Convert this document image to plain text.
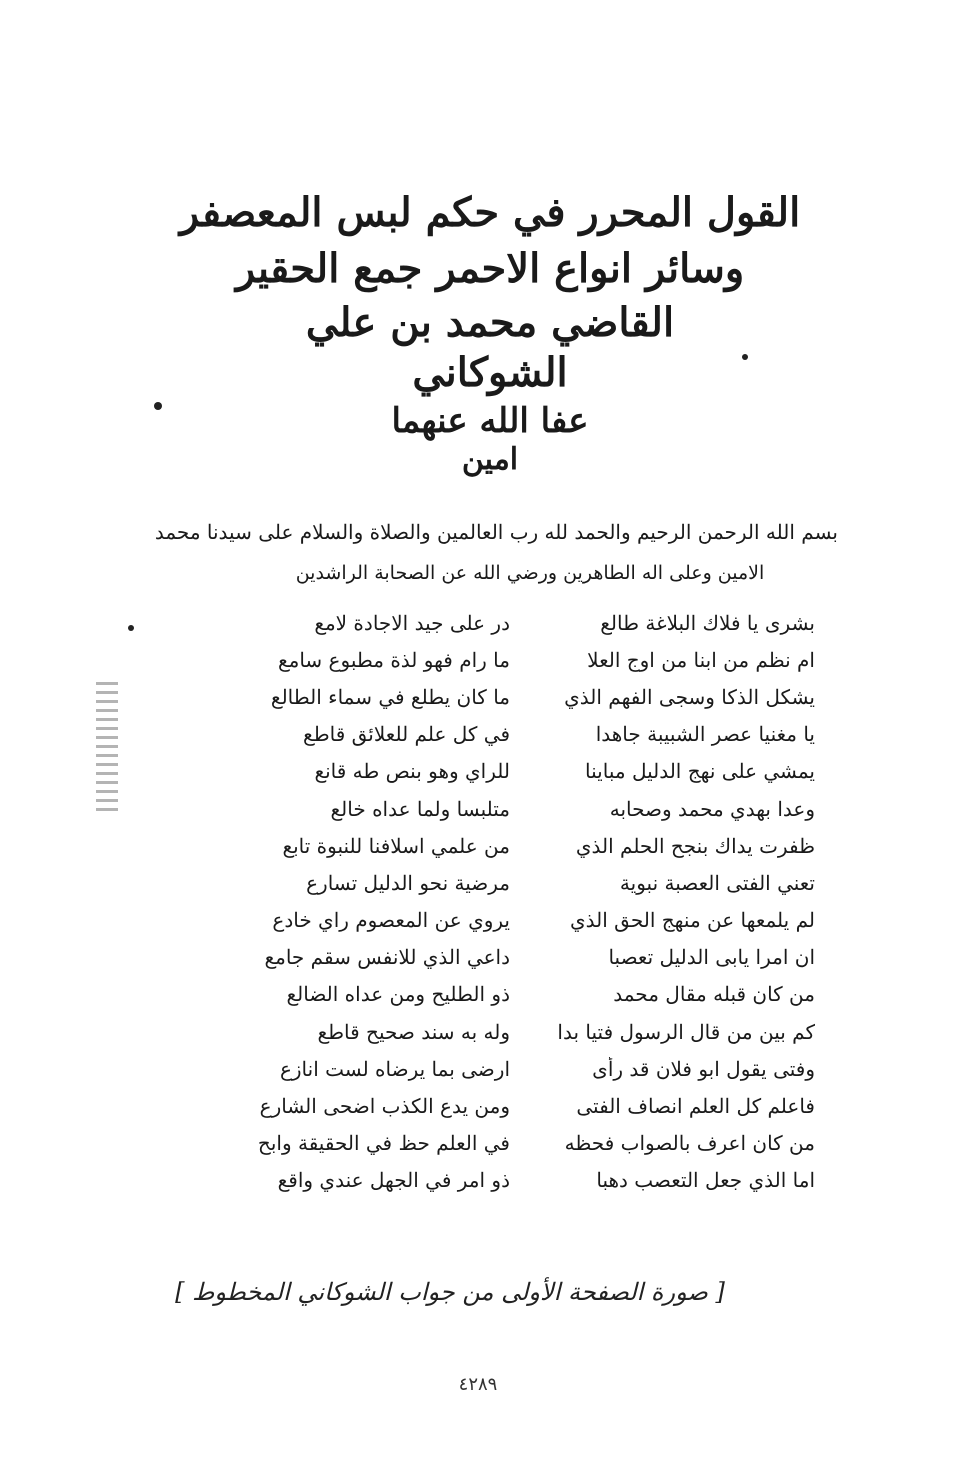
القول المحرر في حكم لبس المعصفر
وسائر انواع الاحمر جمع الحقير
القاضي محمد بن علي
الشوكاني
عفا الله عنهما
امين
بسم الله الرحمن الرحيم والحمد لله رب العالمين والصلاة والسلام على سيدنا محمد
الامين وعلى اله الطاهرين ورضي الله عن الصحابة الراشدين
بشرى يا فلاك البلاغة طالع
در على جيد الاجادة لامع
ام نظم من ابنا من اوج العلا
ما رام فهو لذة مطبوع سامع
يشكل الذكا وسجى الفهم الذي
ما كان يطلع في سماء الطالع
يا مغنيا عصر الشبيبة جاهدا
في كل علم للعلائق قاطع
يمشي على نهج الدليل مباينا
للراي وهو بنص طه قانع
وعدا بهدي محمد وصحابه
متلبسا ولما عداه خالع
ظفرت يداك بنجح الحلم الذي
من علمي اسلافنا للنبوة تابع
تعني الفتى العصبة نبوية
مرضية نحو الدليل تسارع
لم يلمعها عن منهج الحق الذي
يروي عن المعصوم راي خادع
ان امرا يابى الدليل تعصبا
داعي الذي للانفس سقم جامع
من كان قبله مقال محمد
ذو الطليح ومن عداه الضالع
كم بين من قال الرسول فتيا بدا
وله به سند صحيح قاطع
وفتى يقول ابو فلان قد رأى
ارضى بما يرضاه لست انازع
فاعلم كل العلم انصاف الفتى
ومن يدع الكذب اضحى الشارع
من كان اعرف بالصواب فحظه
في العلم حظ في الحقيقة وابح
اما الذي جعل التعصب دهبا
ذو امر في الجهل عندي واقع
[ صورة الصفحة الأولى من جواب الشوكاني المخطوط ]
٤٢٨٩
